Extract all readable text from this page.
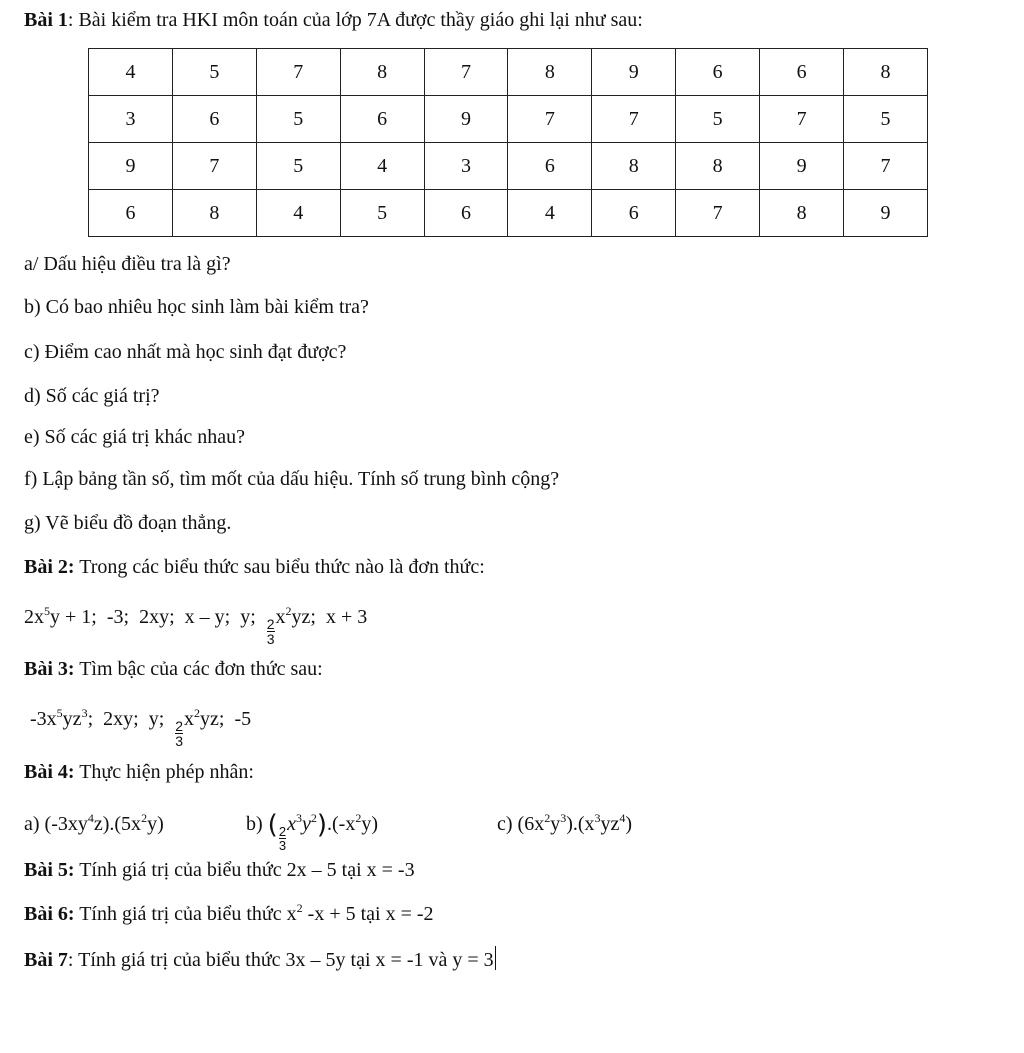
Bài 1: Bài kiểm tra HKI môn toán của lớp 7A được thầy giáo ghi lại như sau:
4	5	7	8	7	8	9	6	6	8
3	6	5	6	9	7	7	5	7	5
9	7	5	4	3	6	8	8	9	7
6	8	4	5	6	4	6	7	8	9
a/ Dấu hiệu điều tra là gì?
b) Có bao nhiêu học sinh làm bài kiểm tra?
c) Điểm cao nhất mà học sinh đạt được?
d) Số các giá trị?
e) Số các giá trị khác nhau?
f) Lập bảng tần số, tìm mốt của dấu hiệu. Tính số trung bình cộng?
g) Vẽ biểu đồ đoạn thẳng.
Bài 2: Trong các biểu thức sau biểu thức nào là đơn thức:
$2x^5y + 1$; -3; 2xy; x – y; y; $\frac{2}{3} x^2yz$; x + 3
Bài 3: Tìm bậc của các đơn thức sau:
$-3x^5yz^3$; 2xy; y; $\frac{2}{3} x^2yz$; -5
Bài 4: Thực hiện phép nhân:
a) $(-3xy^4z).(5x^2y)$	b) ( $\frac{2}{3}$
$x^3y^2).(-x^2y)$	c) $(6x^2y^3).(x^3yz^4)$
Bài 5: Tính giá trị của biểu thức 2x – 5 tại x = -3
Bài 6: Tính giá trị của biểu thức $x^2$ -x + 5 tại x = -2
Bài 7: Tính giá trị của biểu thức 3x – 5y tại x = -1 và y = 3
